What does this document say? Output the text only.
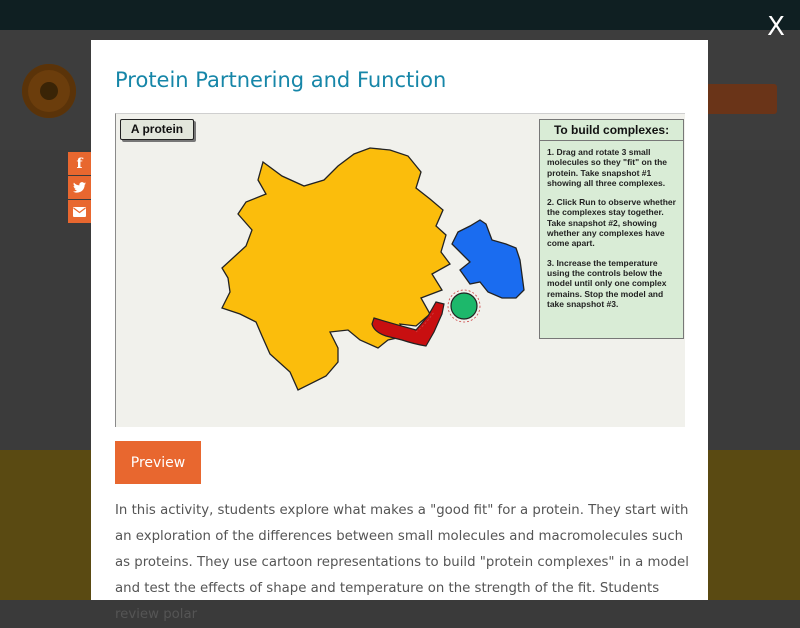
X
f
Protein Partnering and Function
A protein	To build complexes:

1. Drag and rotate 3 small molecules so they "fit" on the protein. Take snapshot #1 showing all three complexes.

2. Click Run to observe whether the complexes stay together. Take snapshot #2, showing whether any complexes have come apart.

3. Increase the temperature using the controls below the model until only one complex remains. Stop the model and take snapshot #3.

Preview

In this activity, students explore what makes a "good fit" for a protein. They start with an exploration of the differences between small molecules and macromolecules such as proteins. They use cartoon representations to build "protein complexes" in a model and test the effects of shape and temperature on the strength of the fit. Students review polar
